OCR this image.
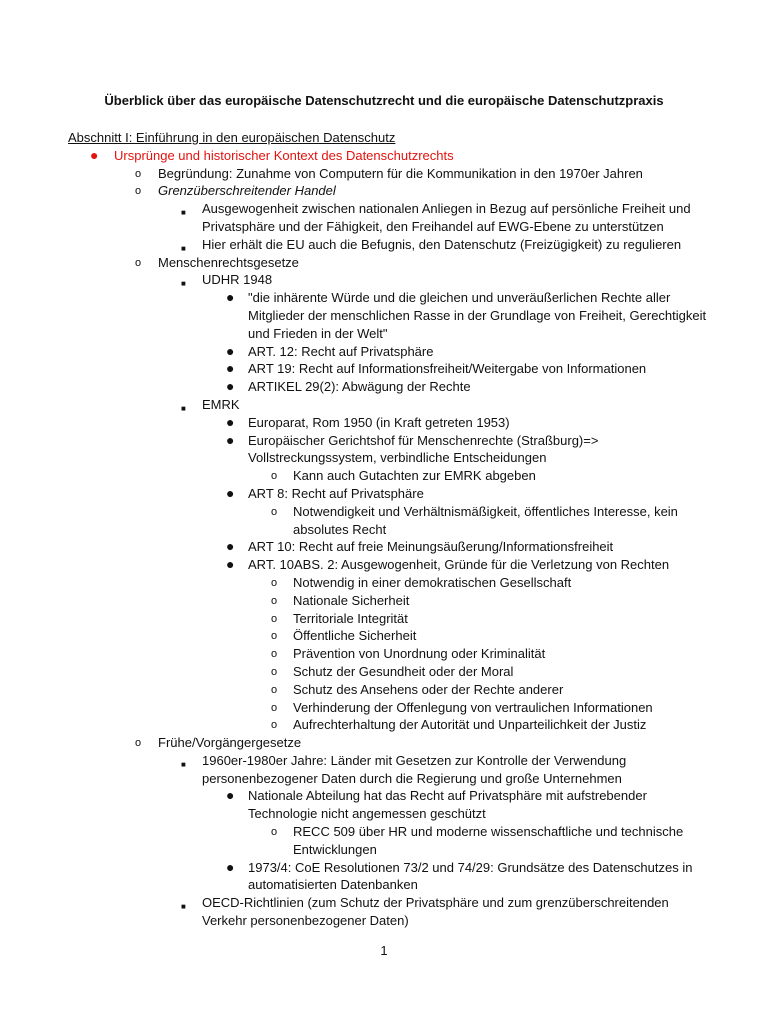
Überblick über das europäische Datenschutzrecht und die europäische Datenschutzpraxis
Abschnitt I: Einführung in den europäischen Datenschutz
● Ursprünge und historischer Kontext des Datenschutzrechts
o Begründung: Zunahme von Computern für die Kommunikation in den 1970er Jahren
o Grenzüberschreitender Handel
■ Ausgewogenheit zwischen nationalen Anliegen in Bezug auf persönliche Freiheit und Privatsphäre und der Fähigkeit, den Freihandel auf EWG-Ebene zu unterstützen
■ Hier erhält die EU auch die Befugnis, den Datenschutz (Freizügigkeit) zu regulieren
o Menschenrechtsgesetze
■ UDHR 1948
● "die inhärente Würde und die gleichen und unveräußerlichen Rechte aller Mitglieder der menschlichen Rasse in der Grundlage von Freiheit, Gerechtigkeit und Frieden in der Welt"
● ART. 12: Recht auf Privatsphäre
● ART 19: Recht auf Informationsfreiheit/Weitergabe von Informationen
● ARTIKEL 29(2): Abwägung der Rechte
■ EMRK
● Europarat, Rom 1950 (in Kraft getreten 1953)
● Europäischer Gerichtshof für Menschenrechte (Straßburg)=> Vollstreckungssystem, verbindliche Entscheidungen
o Kann auch Gutachten zur EMRK abgeben
● ART 8: Recht auf Privatsphäre
o Notwendigkeit und Verhältnismäßigkeit, öffentliches Interesse, kein absolutes Recht
● ART 10: Recht auf freie Meinungsäußerung/Informationsfreiheit
● ART. 10ABS. 2: Ausgewogenheit, Gründe für die Verletzung von Rechten
o Notwendig in einer demokratischen Gesellschaft
o Nationale Sicherheit
o Territoriale Integrität
o Öffentliche Sicherheit
o Prävention von Unordnung oder Kriminalität
o Schutz der Gesundheit oder der Moral
o Schutz des Ansehens oder der Rechte anderer
o Verhinderung der Offenlegung von vertraulichen Informationen
o Aufrechterhaltung der Autorität und Unparteilichkeit der Justiz
o Frühe/Vorgängergesetze
■ 1960er-1980er Jahre: Länder mit Gesetzen zur Kontrolle der Verwendung personenbezogener Daten durch die Regierung und große Unternehmen
● Nationale Abteilung hat das Recht auf Privatsphäre mit aufstrebender Technologie nicht angemessen geschützt
o RECC 509 über HR und moderne wissenschaftliche und technische Entwicklungen
● 1973/4: CoE Resolutionen 73/2 und 74/29: Grundsätze des Datenschutzes in automatisierten Datenbanken
■ OECD-Richtlinien (zum Schutz der Privatsphäre und zum grenzüberschreitenden Verkehr personenbezogener Daten)
1
